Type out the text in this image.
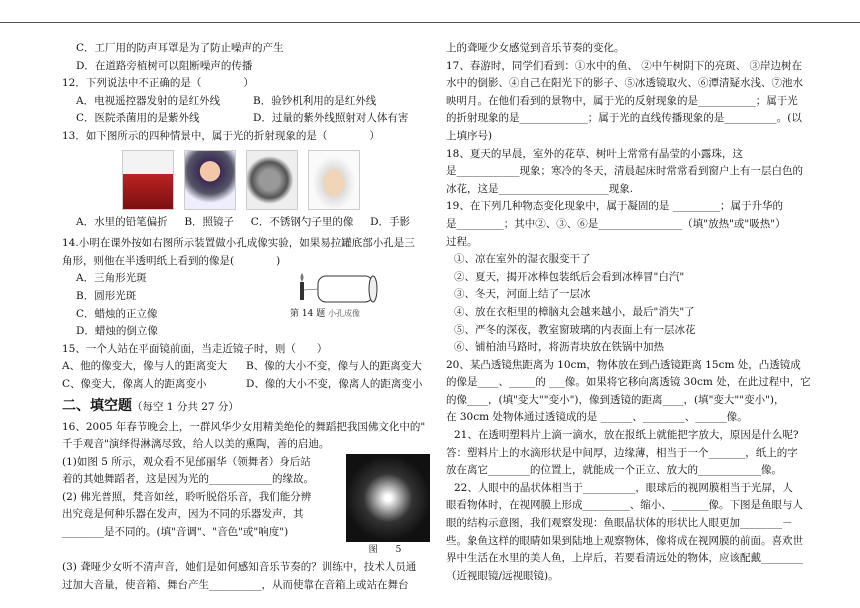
C．工厂用的防声耳罩是为了防止噪声的产生
D．在道路旁植树可以阻断噪声的传播
12．下列说法中不正确的是（　　　　）
A．电视遥控器发射的是红外线	B．验钞机利用的是红外线
C．医院杀菌用的是紫外线	D．过量的紫外线照射对人体有害
13．如下图所示的四种情景中，属于光的折射现象的是（　　　　）
A．水里的铅笔偏折 B．照镜子 C．不锈钢勺子里的像 D．手影
14.小明在课外按如右图所示装置做小孔成像实验，如果易拉罐底部小孔是三
角形，则他在半透明纸上看到的像是(　　　　)
A．三角形光斑
B．圆形光斑
C．蜡烛的正立像
D．蜡烛的倒立像
第 14 题 小孔成像
15、一个人站在平面镜前面，当走近镜子时，则（　　）
A、他的像变大，像与人的距离变大	B、像的大小不变，像与人的距离变大
C、像变大，像离人的距离变小	D、像的大小不变，像离人的距离变小
二、填空题（每空 1 分共 27 分）
16、2005 年春节晚会上，一群风华少女用精美绝伦的舞蹈把我国佛文化中的"
千手观音"演绎得淋漓尽致，给人以美的熏陶，善的启迪。
(1)如图 5 所示，观众看不见邰丽华（领舞者）身后站
着的其她舞蹈者，这是因为光的____________的缘故。
(2) 佛光普照，梵音如丝，聆听脱俗乐音，我们能分辨
出究竟是何种乐器在发声，因为不同的乐器发声，其
________是不同的。(填"音调"、"音色"或"响度")
图　　5
(3) 聋哑少女听不清声音，她们是如何感知音乐节奏的？训练中，技术人员通
过加大音量，使音箱、舞台产生__________，从而使靠在音箱上或站在舞台
上的聋哑少女感觉到音乐节奏的变化。
17、春游时，同学们看到：①水中的鱼、 ②中午树阴下的亮斑、 ③岸边树在
水中的倒影、④自己在阳光下的影子、⑤冰透镜取火、⑥潭清疑水浅、⑦池水
映明月。在他们看到的景物中，属于光的反射现象的是___________；属于光
的折射现象的是_____________；属于光的直线传播现象的是__________。(以
上填序号)
18、夏天的早晨，室外的花草、树叶上常常有晶莹的小露珠，这
是____________现象；寒冷的冬天，清晨起床时常常看到窗户上有一层白色的
冰花，这是_____________________现象.
19、在下列几种物态变化现象中，属于凝固的是 _________；属于升华的
是_________；其中②、③、⑥是________________（填"放热"或"吸热"）
过程。
①、凉在室外的湿衣服变干了
②、夏天，揭开冰棒包装纸后会看到冰棒冒"白汽"
③、冬天，河面上结了一层冰
④、放在衣柜里的樟脑丸会越来越小，最后"消失"了
⑤、严冬的深夜，教室窗玻璃的内表面上有一层冰花
⑥、铺柏油马路时，将沥青块放在铁锅中加热
20、某凸透镜焦距离为 10cm，物体放在到凸透镜距离 15cm 处，凸透镜成
的像是____、_____的 ___像。如果将它移向离透镜 30cm 处，在此过程中，它
的像____，(填"变大""变小")，像到透镜的距离____，(填"变大""变小")，
在 30cm 处物体通过透镜成的是 ______、________、______像。
21、在透明塑料片上滴一滴水，放在报纸上就能把字放大，原因是什么呢?
答：塑料片上的水滴形状是中间厚，边缘薄，相当于一个_______，纸上的字
放在离它________的位置上，就能成一个正立、放大的____________像。
22、人眼中的晶状体相当于__________，眼球后的视网膜相当于光屏，人
眼看物体时，在视网膜上形成_________、缩小、_______像。下图是鱼眼与人
眼的结构示意图，我们观察发现：鱼眼晶状体的形状比人眼更加________－
些。象鱼这样的眼睛如果到陆地上观察物体，像将成在视网膜的前面。喜欢世
界中生活在水里的美人鱼，上岸后，若要看清远处的物体，应该配戴________
（近视眼镜/远视眼镜)。
